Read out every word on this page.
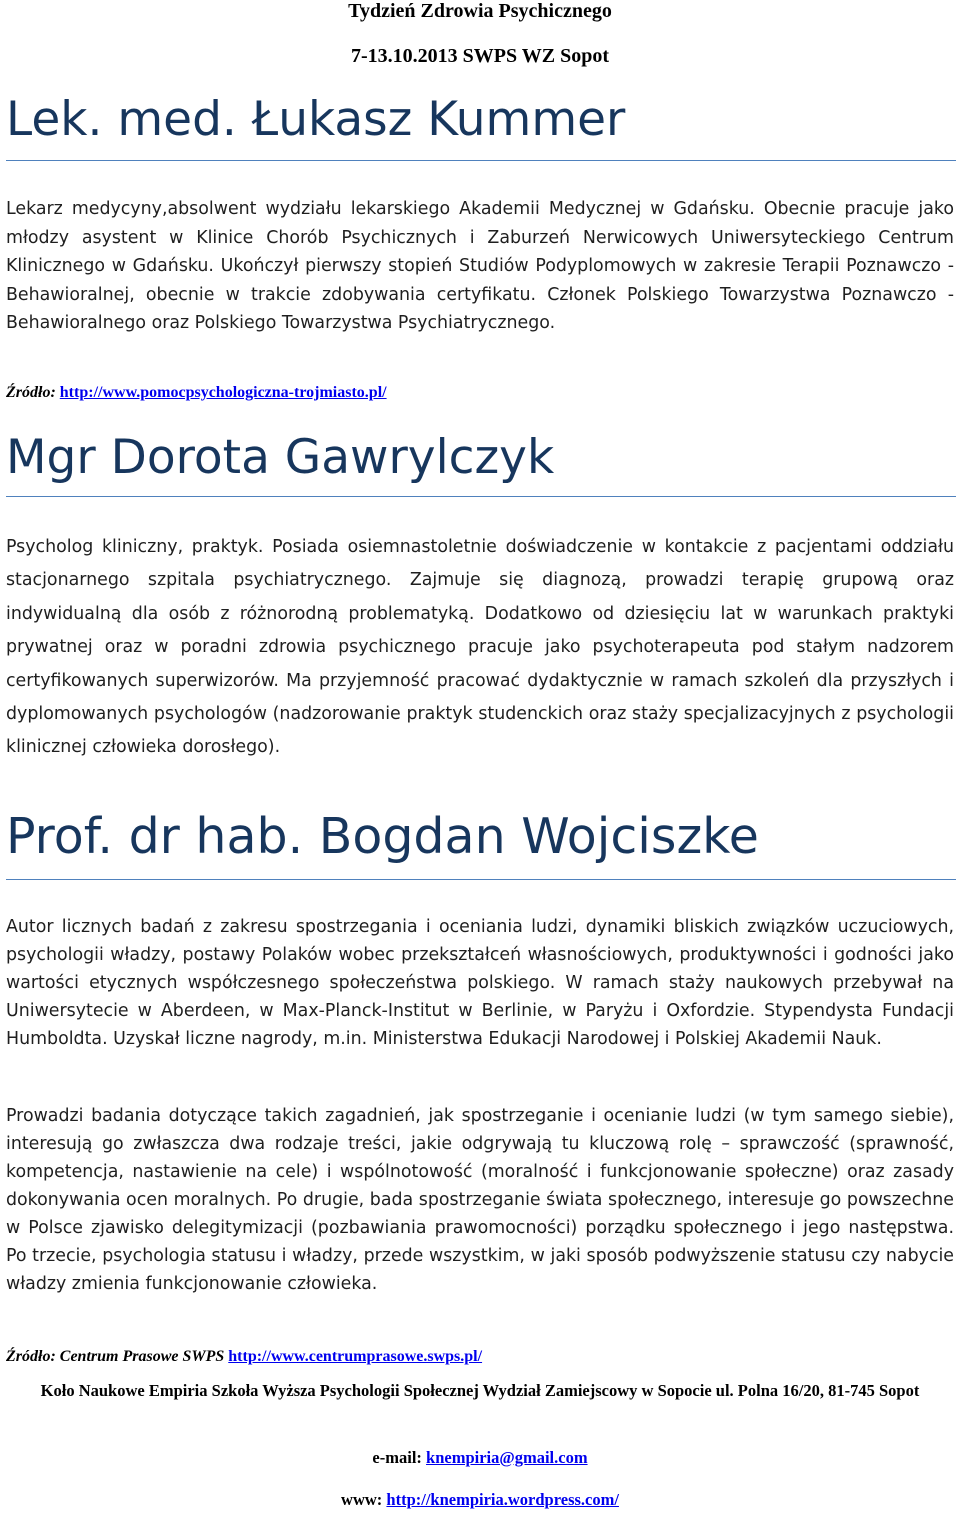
Tydzień Zdrowia Psychicznego
7-13.10.2013 SWPS WZ Sopot
Lek. med. Łukasz Kummer

Lekarz medycyny,absolwent wydziału lekarskiego Akademii Medycznej w Gdańsku. Obecnie pracuje jako młodzy asystent w Klinice Chorób Psychicznych i Zaburzeń Nerwicowych Uniwersyteckiego Centrum Klinicznego w Gdańsku. Ukończył pierwszy stopień Studiów Podyplomowych w zakresie Terapii Poznawczo - Behawioralnej, obecnie w trakcie zdobywania certyfikatu. Członek Polskiego Towarzystwa Poznawczo - Behawioralnego oraz Polskiego Towarzystwa Psychiatrycznego.

Źródło: http://www.pomocpsychologiczna-trojmiasto.pl/
Mgr Dorota Gawrylczyk

Psycholog kliniczny, praktyk. Posiada osiemnastoletnie doświadczenie w kontakcie z pacjentami oddziału stacjonarnego szpitala psychiatrycznego. Zajmuje się diagnozą, prowadzi terapię grupową oraz indywidualną dla osób z różnorodną problematyką. Dodatkowo od dziesięciu lat w warunkach praktyki prywatnej oraz w poradni zdrowia psychicznego pracuje jako psychoterapeuta pod stałym nadzorem certyfikowanych superwizorów. Ma przyjemność pracować dydaktycznie w ramach szkoleń dla przyszłych i dyplomowanych psychologów (nadzorowanie praktyk studenckich oraz staży specjalizacyjnych z psychologii klinicznej człowieka dorosłego).

Prof. dr hab. Bogdan Wojciszke

Autor licznych badań z zakresu spostrzegania i oceniania ludzi, dynamiki bliskich związków uczuciowych, psychologii władzy, postawy Polaków wobec przekształceń własnościowych, produktywności i godności jako wartości etycznych współczesnego społeczeństwa polskiego. W ramach staży naukowych przebywał na Uniwersytecie w Aberdeen, w Max-Planck-Institut w Berlinie, w Paryżu i Oxfordzie. Stypendysta Fundacji Humboldta. Uzyskał liczne nagrody, m.in. Ministerstwa Edukacji Narodowej i Polskiej Akademii Nauk.

Prowadzi badania dotyczące takich zagadnień, jak spostrzeganie i ocenianie ludzi (w tym samego siebie), interesują go zwłaszcza dwa rodzaje treści, jakie odgrywają tu kluczową rolę – sprawczość (sprawność, kompetencja, nastawienie na cele) i wspólnotowość (moralność i funkcjonowanie społeczne) oraz zasady dokonywania ocen moralnych. Po drugie, bada spostrzeganie świata społecznego, interesuje go powszechne w Polsce zjawisko delegitymizacji (pozbawiania prawomocności) porządku społecznego i jego następstwa. Po trzecie, psychologia statusu i władzy, przede wszystkim, w jaki sposób podwyższenie statusu czy nabycie władzy zmienia funkcjonowanie człowieka.

Źródło: Centrum Prasowe SWPS http://www.centrumprasowe.swps.pl/
Koło Naukowe Empiria Szkoła Wyższa Psychologii Społecznej Wydział Zamiejscowy w Sopocie ul. Polna 16/20, 81-745 Sopot
e-mail: knempiria@gmail.com
www: http://knempiria.wordpress.com/
